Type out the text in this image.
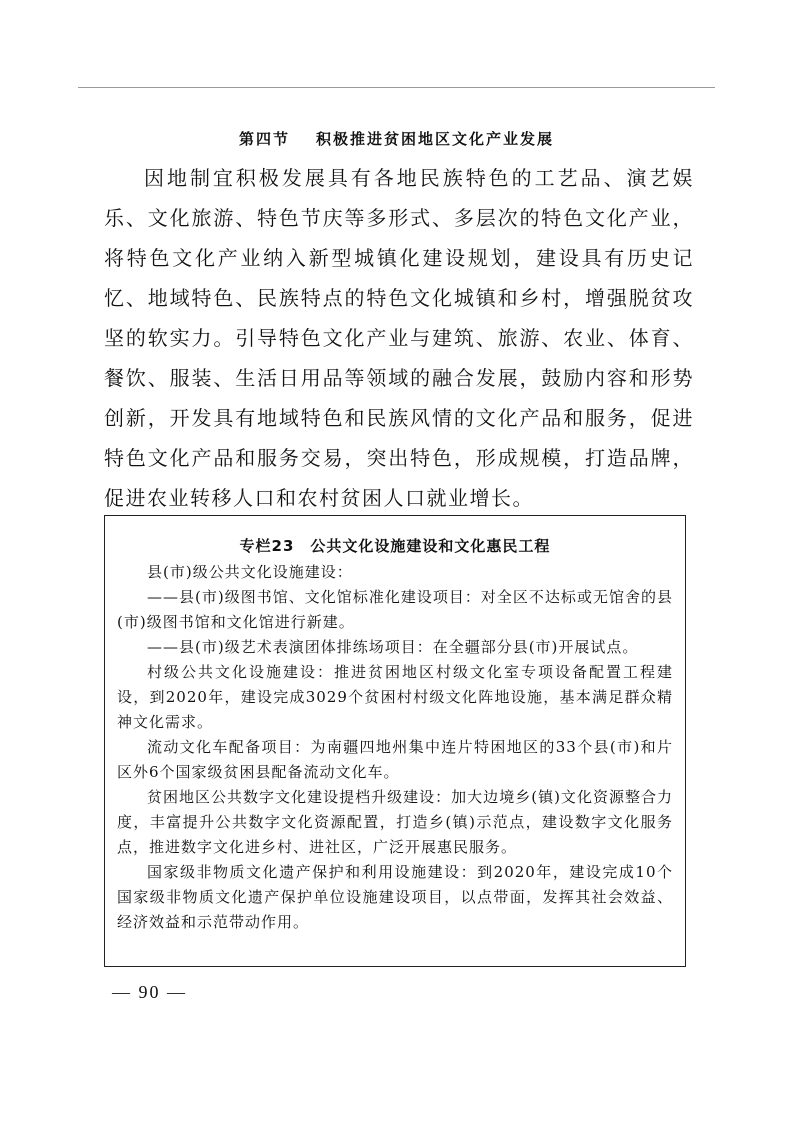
第四节 积极推进贫困地区文化产业发展

因地制宜积极发展具有各地民族特色的工艺品、演艺娱乐、文化旅游、特色节庆等多形式、多层次的特色文化产业，将特色文化产业纳入新型城镇化建设规划，建设具有历史记忆、地域特色、民族特点的特色文化城镇和乡村，增强脱贫攻坚的软实力。引导特色文化产业与建筑、旅游、农业、体育、餐饮、服装、生活日用品等领域的融合发展，鼓励内容和形势创新，开发具有地域特色和民族风情的文化产品和服务，促进特色文化产品和服务交易，突出特色，形成规模，打造品牌，促进农业转移人口和农村贫困人口就业增长。

专栏23 公共文化设施建设和文化惠民工程

县(市)级公共文化设施建设：

——县(市)级图书馆、文化馆标准化建设项目：对全区不达标或无馆舍的县(市)级图书馆和文化馆进行新建。

——县(市)级艺术表演团体排练场项目：在全疆部分县(市)开展试点。

村级公共文化设施建设：推进贫困地区村级文化室专项设备配置工程建设，到2020年，建设完成3029个贫困村村级文化阵地设施，基本满足群众精神文化需求。

流动文化车配备项目：为南疆四地州集中连片特困地区的33个县(市)和片区外6个国家级贫困县配备流动文化车。

贫困地区公共数字文化建设提档升级建设：加大边境乡(镇)文化资源整合力度，丰富提升公共数字文化资源配置，打造乡(镇)示范点，建设数字文化服务点，推进数字文化进乡村、进社区，广泛开展惠民服务。

国家级非物质文化遗产保护和利用设施建设：到2020年，建设完成10个国家级非物质文化遗产保护单位设施建设项目，以点带面，发挥其社会效益、经济效益和示范带动作用。

— 90 —
